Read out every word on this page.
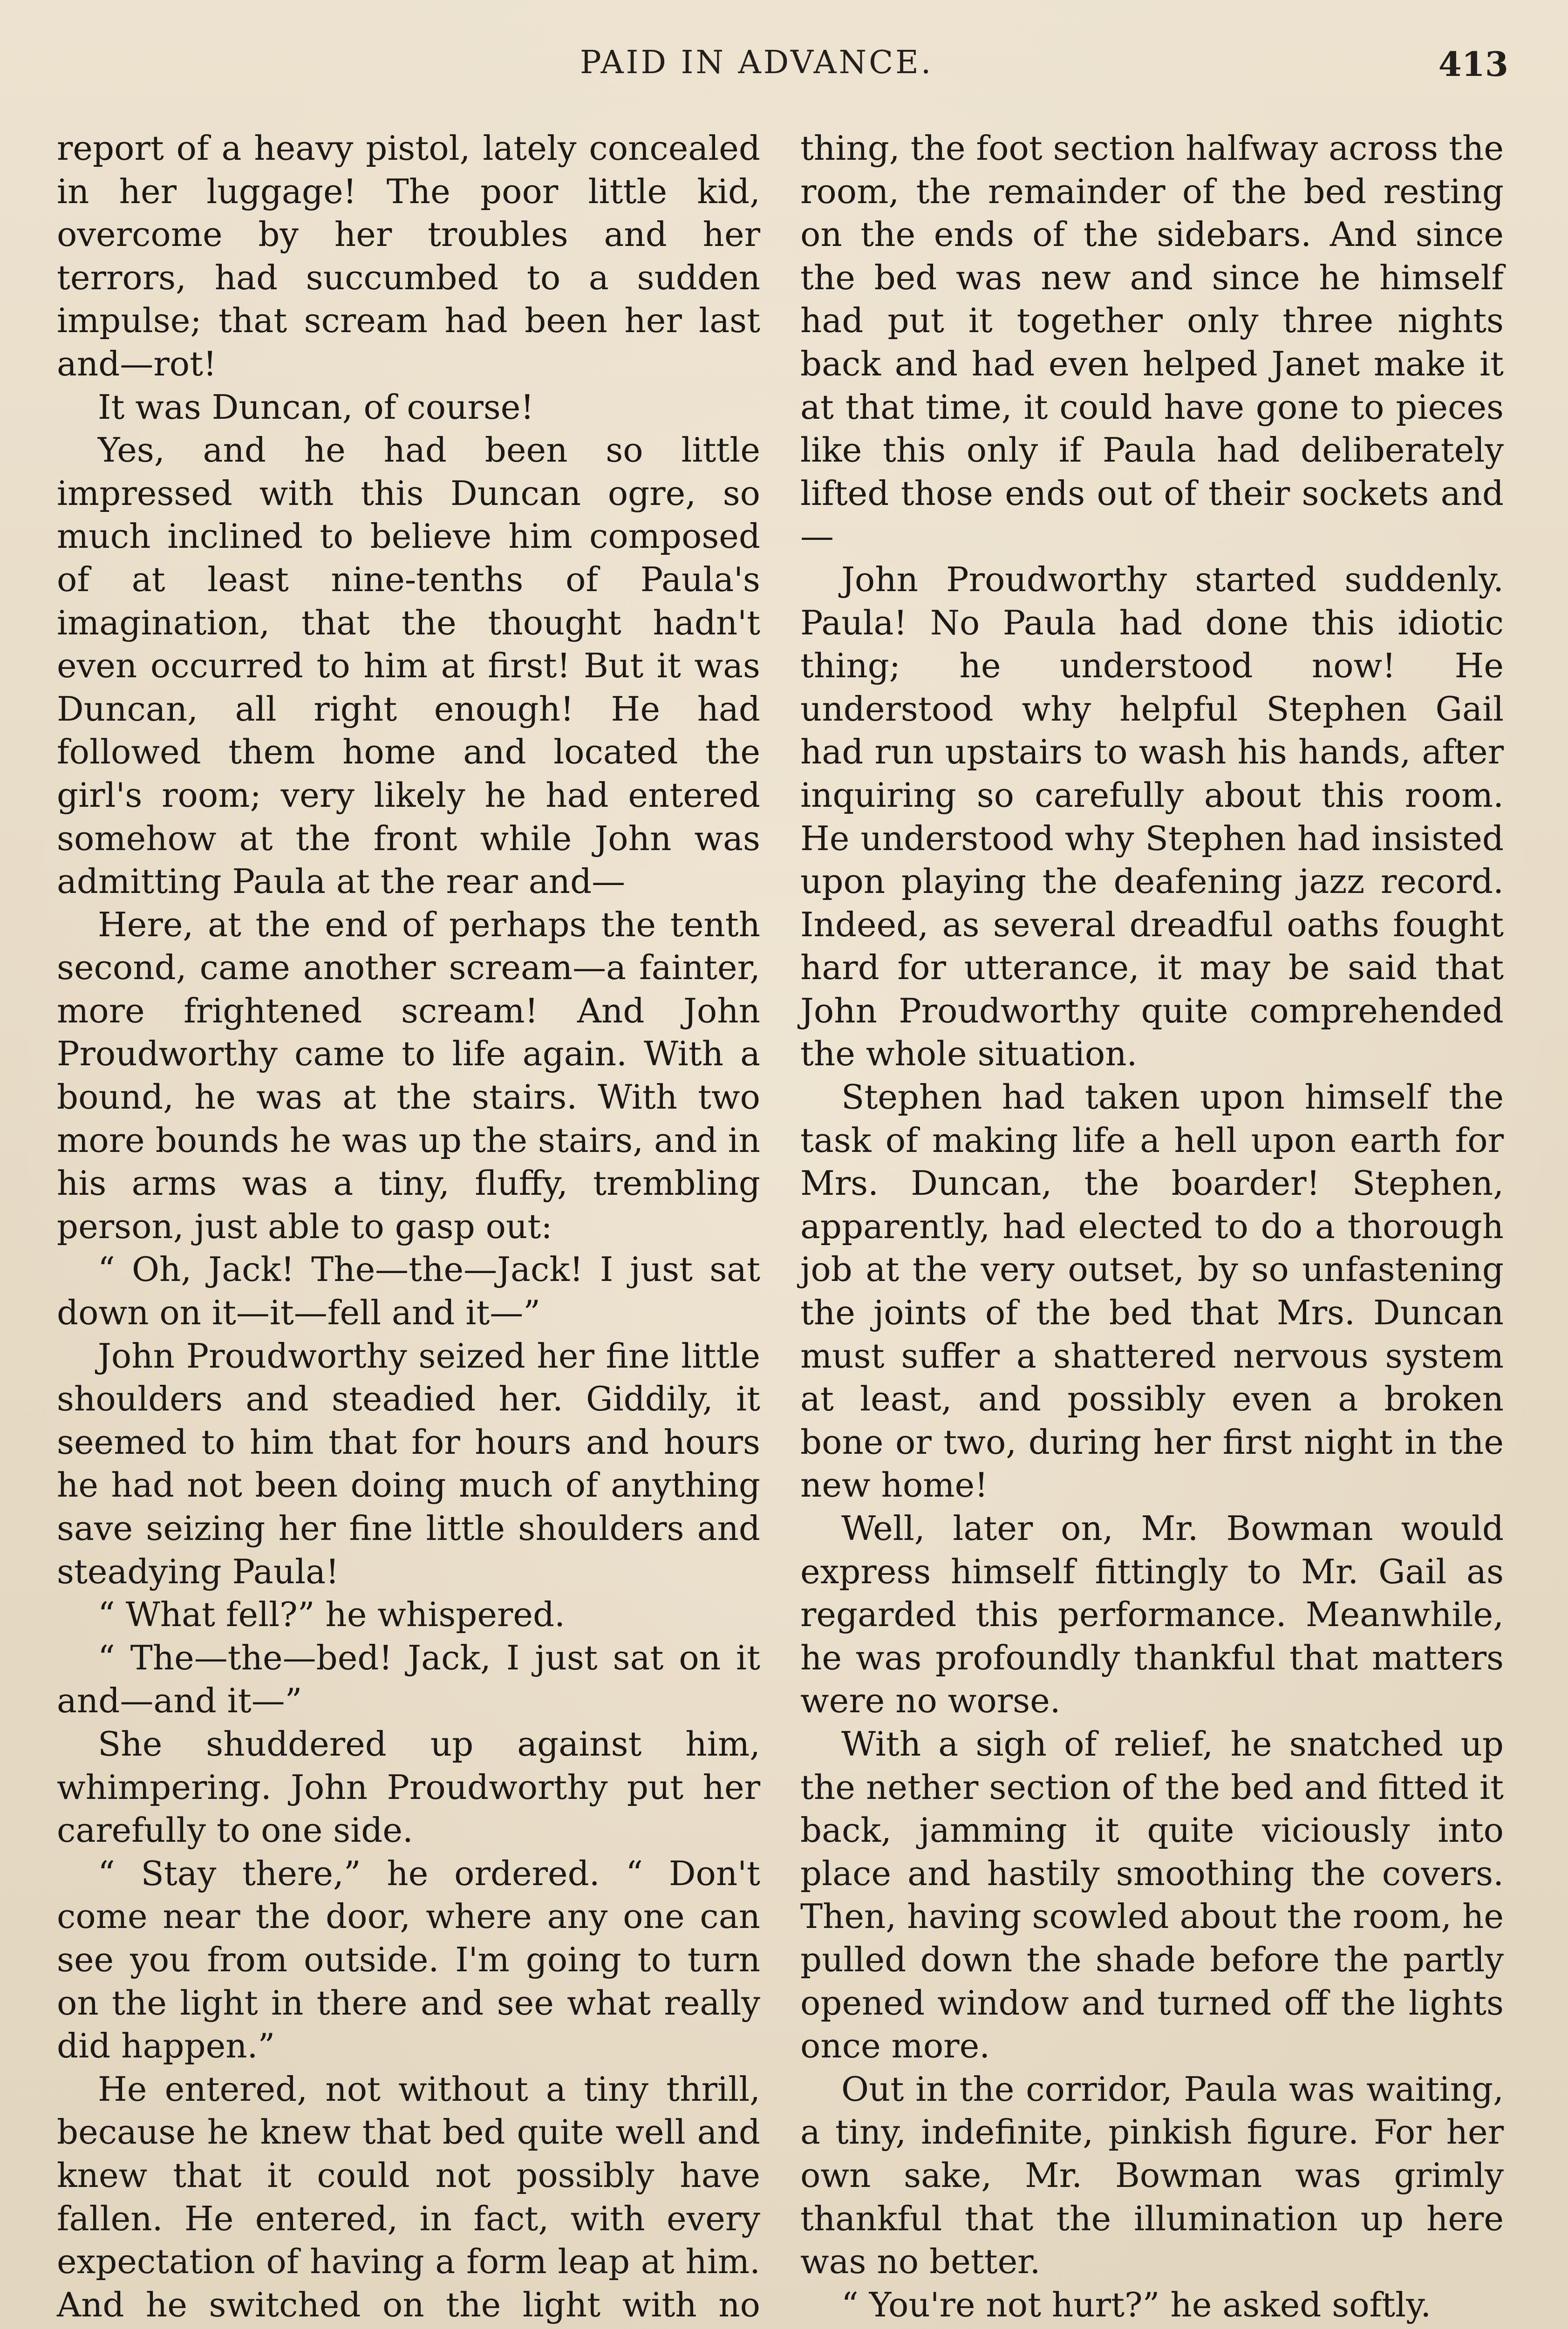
PAID IN ADVANCE.	413

report of a heavy pistol, lately concealed in her luggage! The poor little kid, overcome by her troubles and her terrors, had succumbed to a sudden impulse; that scream had been her last and—rot!

It was Duncan, of course!

Yes, and he had been so little impressed with this Duncan ogre, so much inclined to believe him composed of at least nine-tenths of Paula's imagination, that the thought hadn't even occurred to him at first! But it was Duncan, all right enough! He had followed them home and located the girl's room; very likely he had entered somehow at the front while John was admitting Paula at the rear and—

Here, at the end of perhaps the tenth second, came another scream—a fainter, more frightened scream! And John Proudworthy came to life again. With a bound, he was at the stairs. With two more bounds he was up the stairs, and in his arms was a tiny, fluffy, trembling person, just able to gasp out:

“ Oh, Jack! The—the—Jack! I just sat down on it—it—fell and it—”

John Proudworthy seized her fine little shoulders and steadied her. Giddily, it seemed to him that for hours and hours he had not been doing much of anything save seizing her fine little shoulders and steadying Paula!

“ What fell?” he whispered.

“ The—the—bed! Jack, I just sat on it and—and it—”

She shuddered up against him, whimpering. John Proudworthy put her carefully to one side.

“ Stay there,” he ordered. “ Don't come near the door, where any one can see you from outside. I'm going to turn on the light in there and see what really did happen.”

He entered, not without a tiny thrill, because he knew that bed quite well and knew that it could not possibly have fallen. He entered, in fact, with every expectation of having a form leap at him. And he switched on the light with no

thing, the foot section halfway across the room, the remainder of the bed resting on the ends of the sidebars. And since the bed was new and since he himself had put it together only three nights back and had even helped Janet make it at that time, it could have gone to pieces like this only if Paula had deliberately lifted those ends out of their sockets and—

John Proudworthy started suddenly. Paula! No Paula had done this idiotic thing; he understood now! He understood why helpful Stephen Gail had run upstairs to wash his hands, after inquiring so carefully about this room. He understood why Stephen had insisted upon playing the deafening jazz record. Indeed, as several dreadful oaths fought hard for utterance, it may be said that John Proudworthy quite comprehended the whole situation.

Stephen had taken upon himself the task of making life a hell upon earth for Mrs. Duncan, the boarder! Stephen, apparently, had elected to do a thorough job at the very outset, by so unfastening the joints of the bed that Mrs. Duncan must suffer a shattered nervous system at least, and possibly even a broken bone or two, during her first night in the new home!

Well, later on, Mr. Bowman would express himself fittingly to Mr. Gail as regarded this performance. Meanwhile, he was profoundly thankful that matters were no worse.

With a sigh of relief, he snatched up the nether section of the bed and fitted it back, jamming it quite viciously into place and hastily smoothing the covers. Then, having scowled about the room, he pulled down the shade before the partly opened window and turned off the lights once more.

Out in the corridor, Paula was waiting, a tiny, indefinite, pinkish figure. For her own sake, Mr. Bowman was grimly thankful that the illumination up here was no better.

“ You're not hurt?” he asked softly.
